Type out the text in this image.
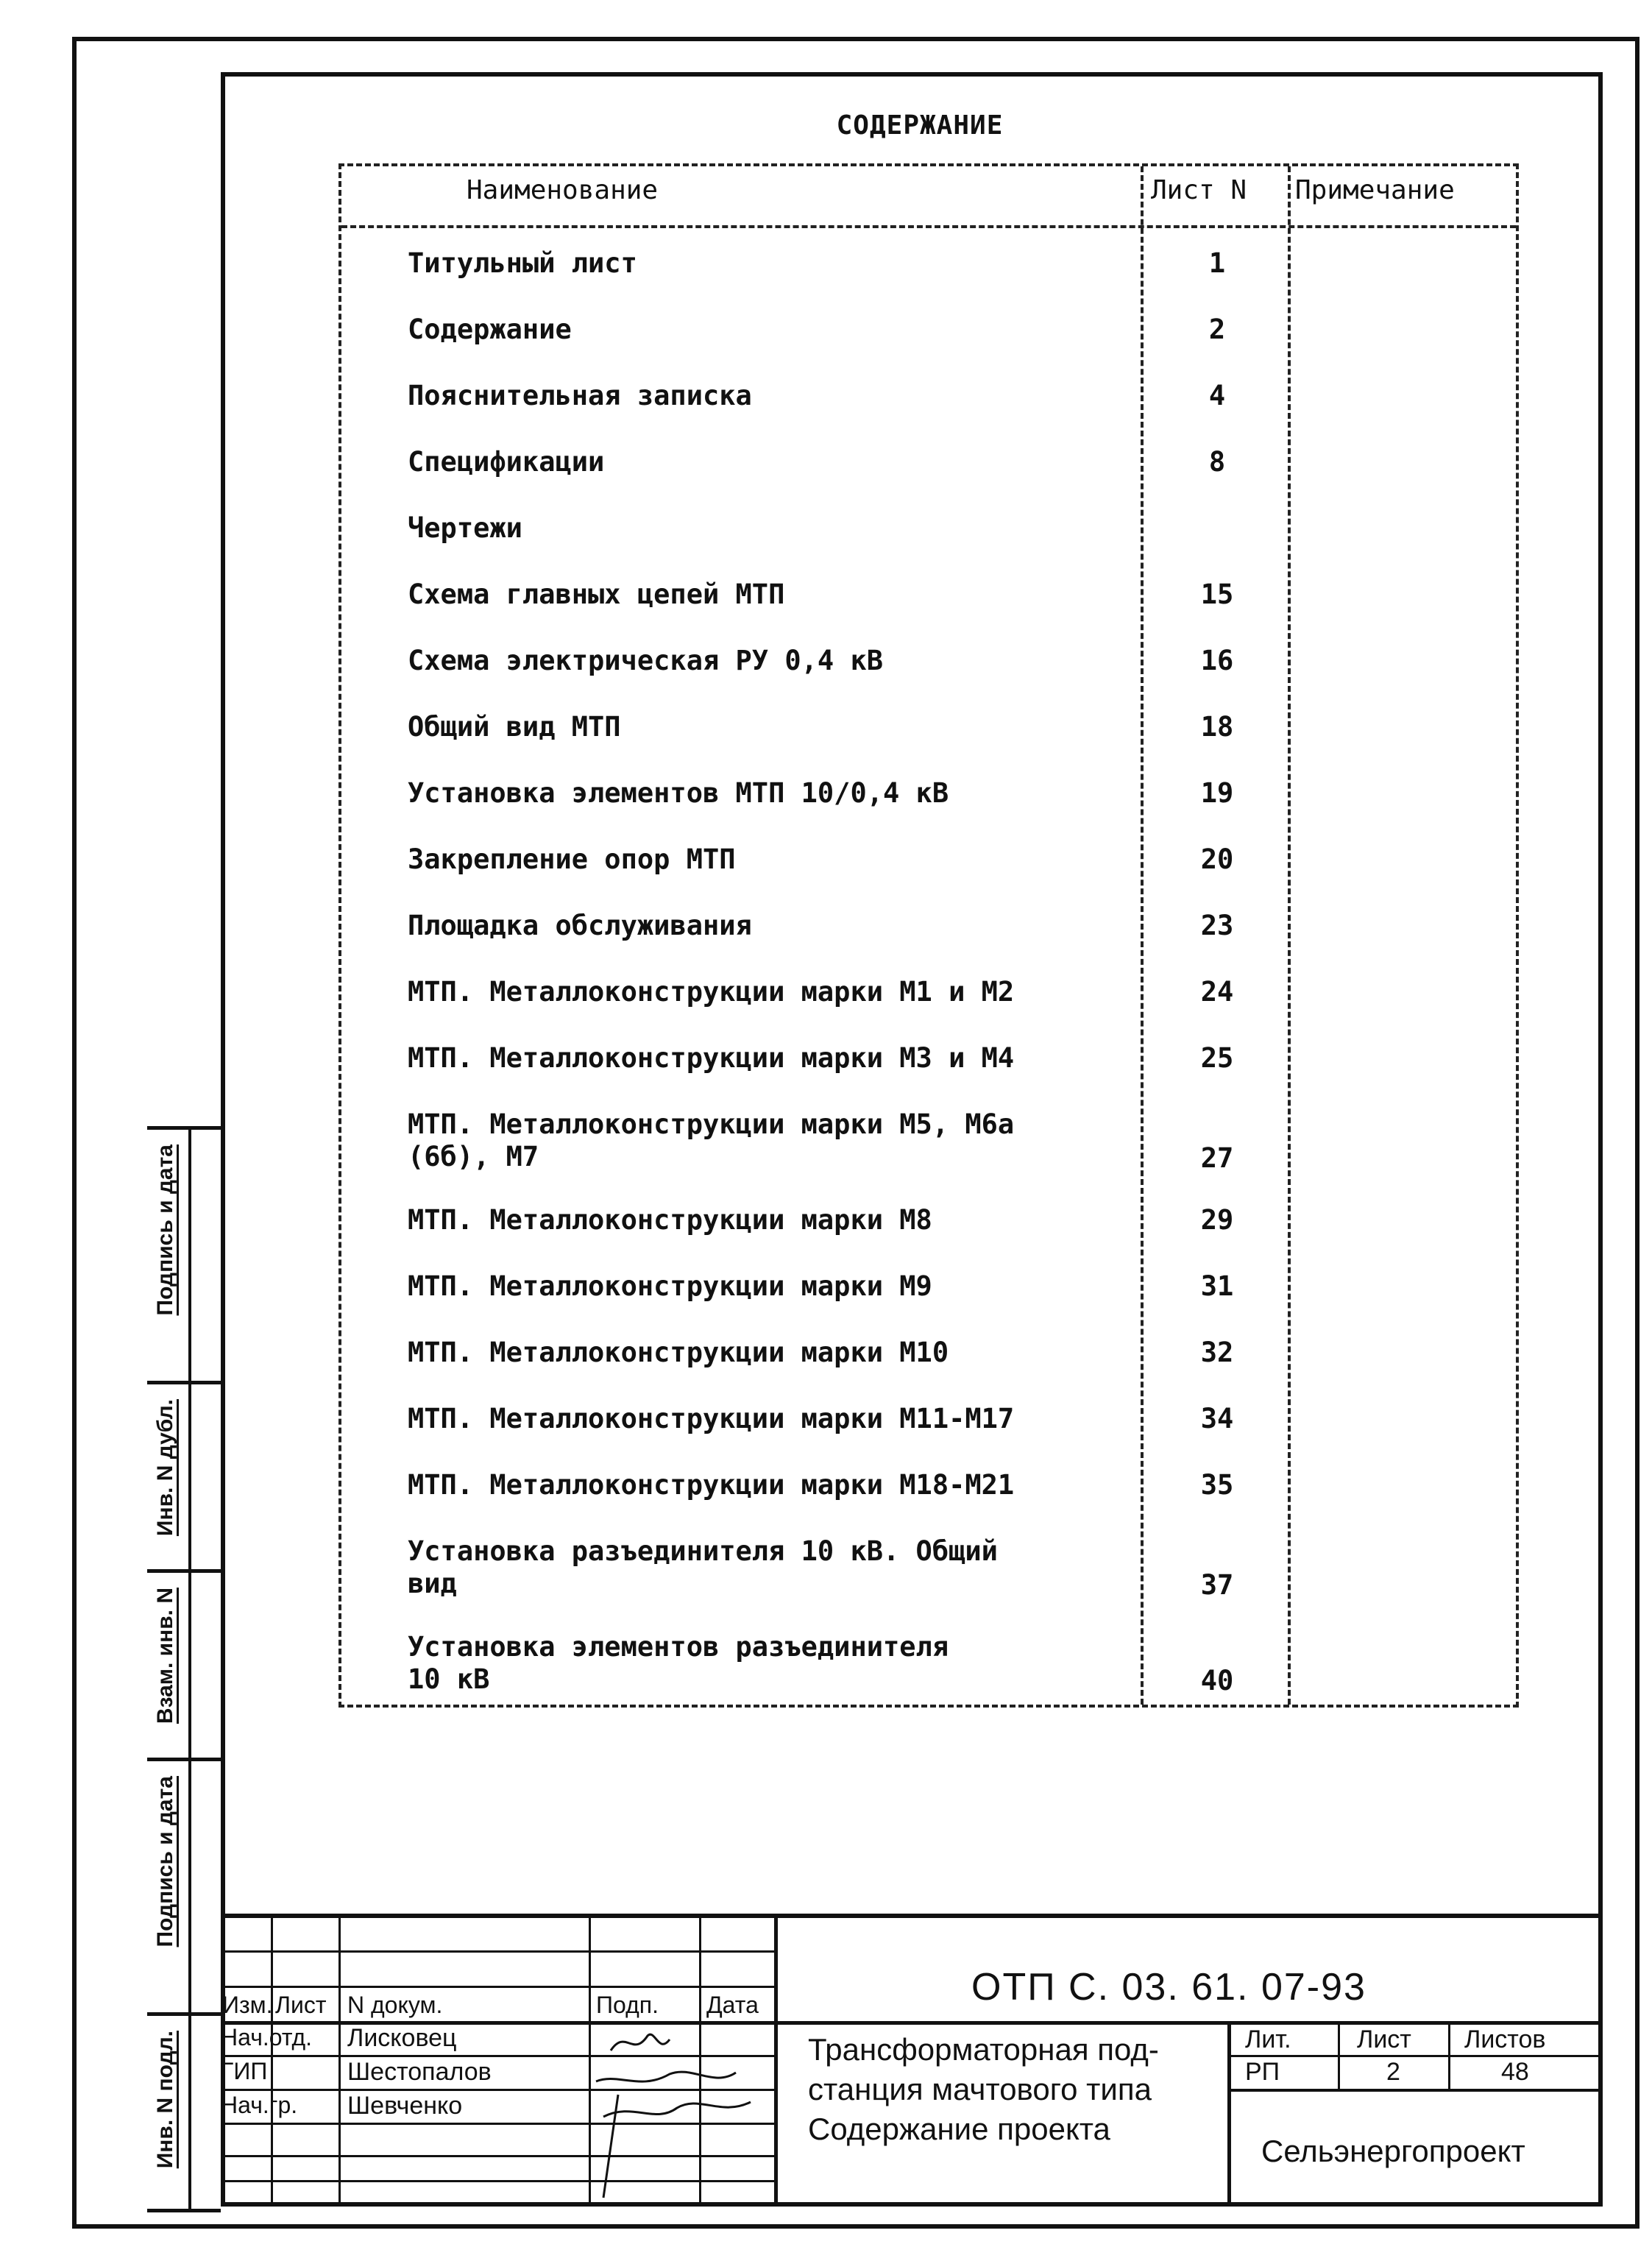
СОДЕРЖАНИЕ
Наименование	Лист N Примечание
Титульный лист	1
Содержание	2
Пояснительная записка	4
Спецификации	8
Чертежи
Схема главных цепей МТП	15
Схема электрическая РУ 0,4 кВ	16
Общий вид МТП	18
Установка элементов МТП 10/0,4 кВ	19
Закрепление опор МТП	20
Площадка обслуживания	23
МТП. Металлоконструкции марки М1 и М2	24
МТП. Металлоконструкции марки М3 и М4	25
МТП. Металлоконструкции марки М5, М6а
(6б), М7	27
МТП. Металлоконструкции марки М8	29
МТП. Металлоконструкции марки М9	31
МТП. Металлоконструкции марки М10	32
МТП. Металлоконструкции марки М11-М17	34
МТП. Металлоконструкции марки М18-М21	35
Установка разъединителя 10 кВ. Общий
вид	37
Установка элементов разъединителя
10 кВ	40
Подпись и дата
Инв. N дубл.
Взам. инв. N
Подпись и дата
Инв. N подл.
Изм. Лист N докум.	Подп. Дата
Нач.отд. Лисковец
ГИП	Шестопалов
Нач.гр. Шевченко
ОТП С. 03. 61. 07-93
Трансформаторная под-
станция мачтового типа
Содержание проекта
Лит.	Лист Листов
РП	2	48
Сельэнергопроект
